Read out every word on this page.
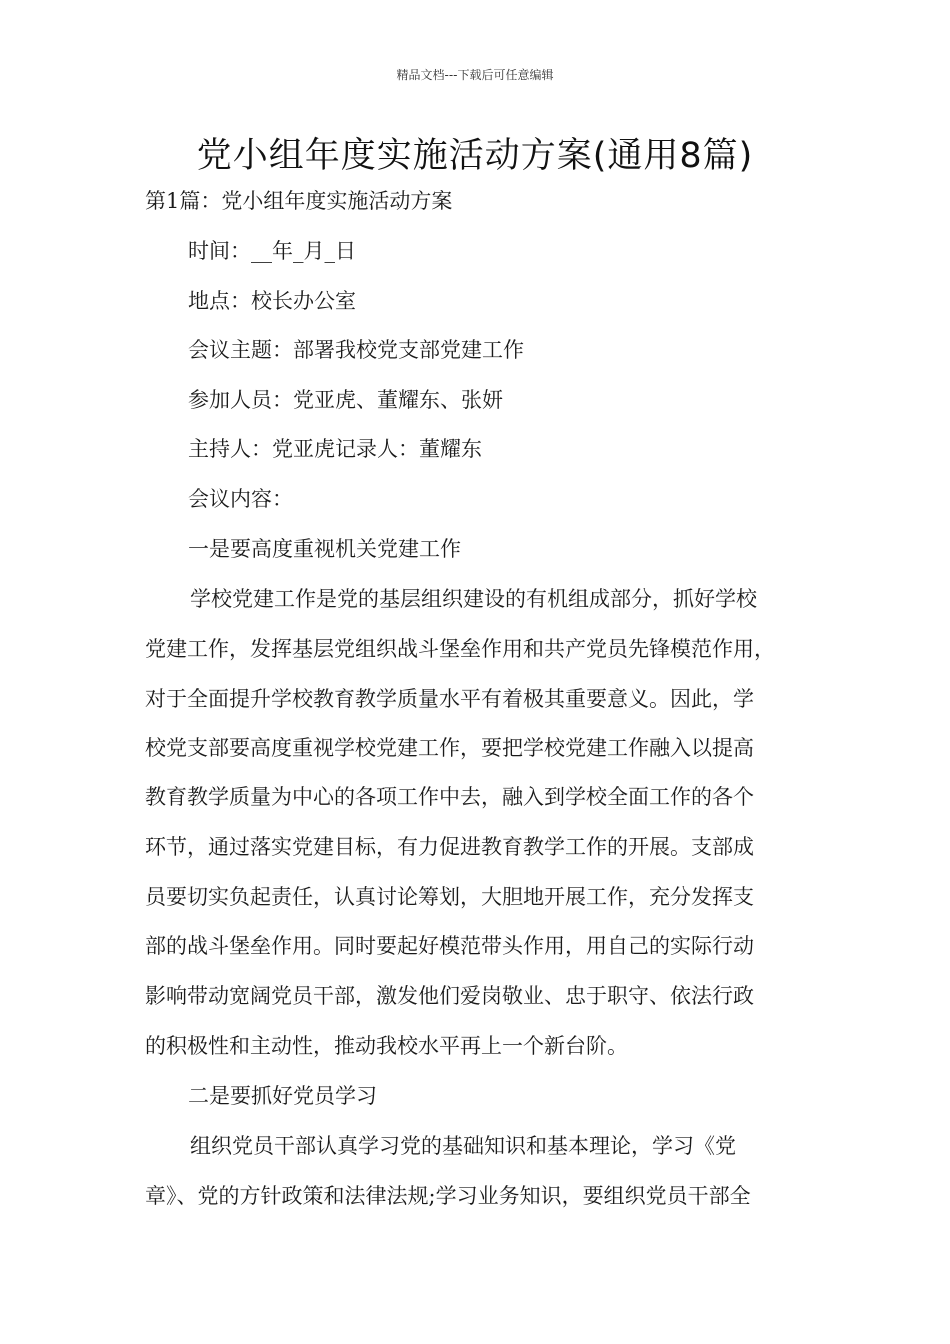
精品文档---下载后可任意编辑
党小组年度实施活动方案(通用8篇)
第1篇：党小组年度实施活动方案
时间：__年_月_日
地点：校长办公室
会议主题：部署我校党支部党建工作
参加人员：党亚虎、董耀东、张妍
主持人：党亚虎记录人：董耀东
会议内容：
一是要高度重视机关党建工作
学校党建工作是党的基层组织建设的有机组成部分，抓好学校
党建工作，发挥基层党组织战斗堡垒作用和共产党员先锋模范作用，
对于全面提升学校教育教学质量水平有着极其重要意义。因此，学
校党支部要高度重视学校党建工作，要把学校党建工作融入以提高
教育教学质量为中心的各项工作中去，融入到学校全面工作的各个
环节，通过落实党建目标，有力促进教育教学工作的开展。支部成
员要切实负起责任，认真讨论筹划，大胆地开展工作，充分发挥支
部的战斗堡垒作用。同时要起好模范带头作用，用自己的实际行动
影响带动宽阔党员干部，激发他们爱岗敬业、忠于职守、依法行政
的积极性和主动性，推动我校水平再上一个新台阶。
二是要抓好党员学习
组织党员干部认真学习党的基础知识和基本理论，学习《党
章》、党的方针政策和法律法规;学习业务知识，要组织党员干部全
